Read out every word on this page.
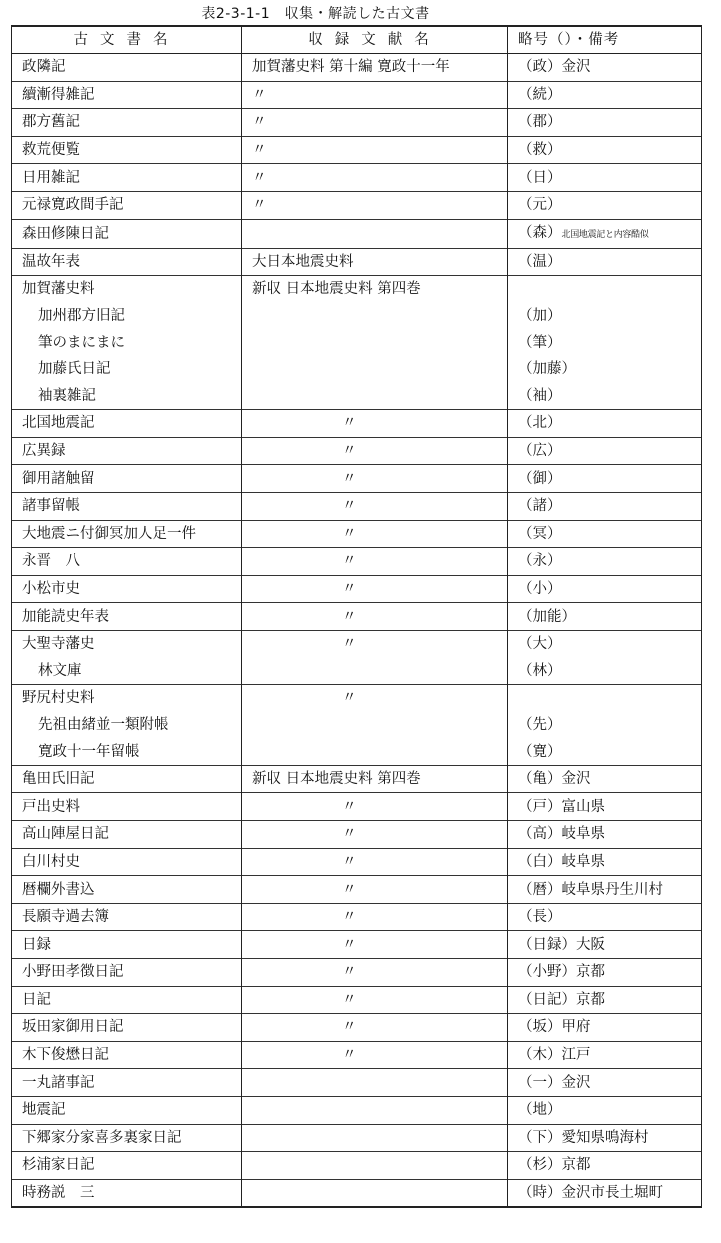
表2-3-1-1　収集・解読した古文書
古文書名	収録文献名	略号（）・備考
政隣記	加賀藩史料 第十編 寛政十一年	（政）金沢
續漸得雑記	〃	（続）
郡方舊記	〃	（郡）
救荒便覧	〃	（救）
日用雑記	〃	（日）
元禄寛政間手記	〃	（元）
森田修陳日記		（森）北国地震記と内容酷似
温故年表	大日本地震史料	（温）
加賀藩史料	新収 日本地震史料 第四巻	
加州郡方旧記		（加）
筆のまにまに		（筆）
加藤氏日記		（加藤）
袖裏雑記		（袖）
北国地震記	〃	（北）
広異録	〃	（広）
御用諸触留	〃	（御）
諸事留帳	〃	（諸）
大地震ニ付御冥加人足一件	〃	（冥）
永晋　八	〃	（永）
小松市史	〃	（小）
加能読史年表	〃	（加能）
大聖寺藩史	〃	（大）
林文庫		（林）
野尻村史料	〃	
先祖由緒並一類附帳		（先）
寛政十一年留帳		（寛）
亀田氏旧記	新収 日本地震史料 第四巻	（亀）金沢
戸出史料	〃	（戸）富山県
高山陣屋日記	〃	（高）岐阜県
白川村史	〃	（白）岐阜県
暦欄外書込	〃	（暦）岐阜県丹生川村
長願寺過去簿	〃	（長）
日録	〃	（日録）大阪
小野田孝徴日記	〃	（小野）京都
日記	〃	（日記）京都
坂田家御用日記	〃	（坂）甲府
木下俊懋日記	〃	（木）江戸
一丸諸事記		（一）金沢
地震記		（地）
下郷家分家喜多裏家日記		（下）愛知県鳴海村
杉浦家日記		（杉）京都
時務説　三		（時）金沢市長土堀町
